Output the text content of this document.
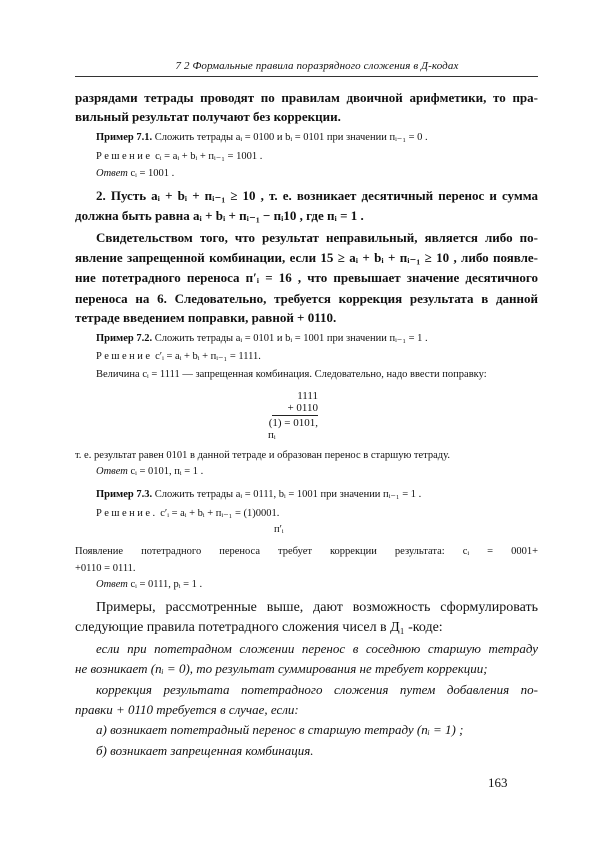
7 2 Формальные правила поразрядного сложения в Д-кодах
разрядами тетрады проводят по правилам двоичной арифметики, то пра-
вильный результат получают без коррекции.
Пример 7.1. Сложить тетрады aᵢ = 0100 и bᵢ = 0101 при значении пᵢ₋₁ = 0 .
Решение cᵢ = aᵢ + bᵢ + пᵢ₋₁ = 1001 .
Ответ cᵢ = 1001 .
2. Пусть aᵢ + bᵢ + пᵢ₋₁ ≥ 10 , т. е. возникает десятичный перенос и сумма
должна быть равна aᵢ + bᵢ + пᵢ₋₁ − пᵢ10 , где пᵢ = 1 .
Свидетельством того, что результат неправильный, является либо по-
явление запрещенной комбинации, если 15 ≥ aᵢ + bᵢ + пᵢ₋₁ ≥ 10 , либо появле-
ние потетрадного переноса пʹᵢ = 16 , что превышает значение десятичного
переноса на 6. Следовательно, требуется коррекция результата в данной
тетраде введением поправки, равной + 0110.
Пример 7.2. Сложить тетрады aᵢ = 0101 и bᵢ = 1001 при значении пᵢ₋₁ = 1 .
Решение cʹᵢ = aᵢ + bᵢ + пᵢ₋₁ = 1111.
Величина cᵢ = 1111 — запрещенная комбинация. Следовательно, надо ввести поправку:
1111
+ 0110
(1) = 0101,
пᵢ
т. е. результат равен 0101 в данной тетраде и образован перенос в старшую тетраду.
Ответ cᵢ = 0101, пᵢ = 1 .
Пример 7.3. Сложить тетрады aᵢ = 0111, bᵢ = 1001 при значении пᵢ₋₁ = 1 .
Решение. cʹᵢ = aᵢ + bᵢ + пᵢ₋₁ = (1)0001.
пʹᵢ
Появление потетрадного переноса требует коррекции результата: cᵢ = 0001+
+0110 = 0111.
Ответ cᵢ = 0111, pᵢ = 1 .
Примеры, рассмотренные выше, дают возможность сформулировать
следующие правила потетрадного сложения чисел в Д₁ -коде:
если при потетрадном сложении перенос в соседнюю старшую тетраду
не возникает (пᵢ = 0), то результат суммирования не требует коррекции;
коррекция результата потетрадного сложения путем добавления по-
правки + 0110 требуется в случае, если:
а) возникает потетрадный перенос в старшую тетраду (пᵢ = 1) ;
б) возникает запрещенная комбинация.
163
